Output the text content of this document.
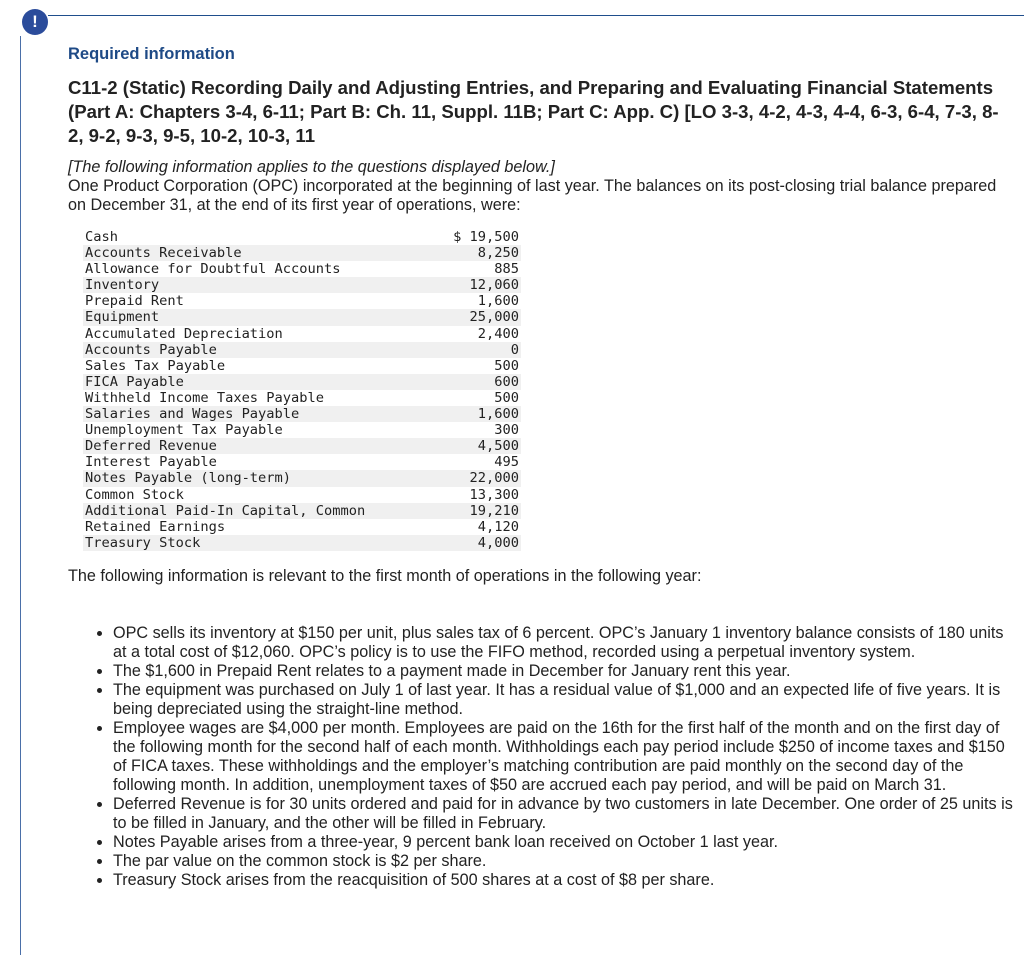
!

Required information

C11-2 (Static) Recording Daily and Adjusting Entries, and Preparing and Evaluating Financial Statements (Part A: Chapters 3-4, 6-11; Part B: Ch. 11, Suppl. 11B; Part C: App. C) [LO 3-3, 4-2, 4-3, 4-4, 6-3, 6-4, 7-3, 8-2, 9-2, 9-3, 9-5, 10-2, 10-3, 11

[The following information applies to the questions displayed below.]
One Product Corporation (OPC) incorporated at the beginning of last year. The balances on its post-closing trial balance prepared on December 31, at the end of its first year of operations, were:
Cash	$ 19,500
Accounts Receivable	8,250
Allowance for Doubtful Accounts	885
Inventory	12,060
Prepaid Rent	1,600
Equipment	25,000
Accumulated Depreciation	2,400
Accounts Payable	0
Sales Tax Payable	500
FICA Payable	600
Withheld Income Taxes Payable	500
Salaries and Wages Payable	1,600
Unemployment Tax Payable	300
Deferred Revenue	4,500
Interest Payable	495
Notes Payable (long-term)	22,000
Common Stock	13,300
Additional Paid-In Capital, Common	19,210
Retained Earnings	4,120
Treasury Stock	4,000
The following information is relevant to the first month of operations in the following year:
• OPC sells its inventory at $150 per unit, plus sales tax of 6 percent. OPC’s January 1 inventory balance consists of 180 units at a total cost of $12,060. OPC’s policy is to use the FIFO method, recorded using a perpetual inventory system.
• The $1,600 in Prepaid Rent relates to a payment made in December for January rent this year.
• The equipment was purchased on July 1 of last year. It has a residual value of $1,000 and an expected life of five years. It is being depreciated using the straight-line method.
• Employee wages are $4,000 per month. Employees are paid on the 16th for the first half of the month and on the first day of the following month for the second half of each month. Withholdings each pay period include $250 of income taxes and $150 of FICA taxes. These withholdings and the employer’s matching contribution are paid monthly on the second day of the following month. In addition, unemployment taxes of $50 are accrued each pay period, and will be paid on March 31.
• Deferred Revenue is for 30 units ordered and paid for in advance by two customers in late December. One order of 25 units is to be filled in January, and the other will be filled in February.
• Notes Payable arises from a three-year, 9 percent bank loan received on October 1 last year.
• The par value on the common stock is $2 per share.
• Treasury Stock arises from the reacquisition of 500 shares at a cost of $8 per share.
